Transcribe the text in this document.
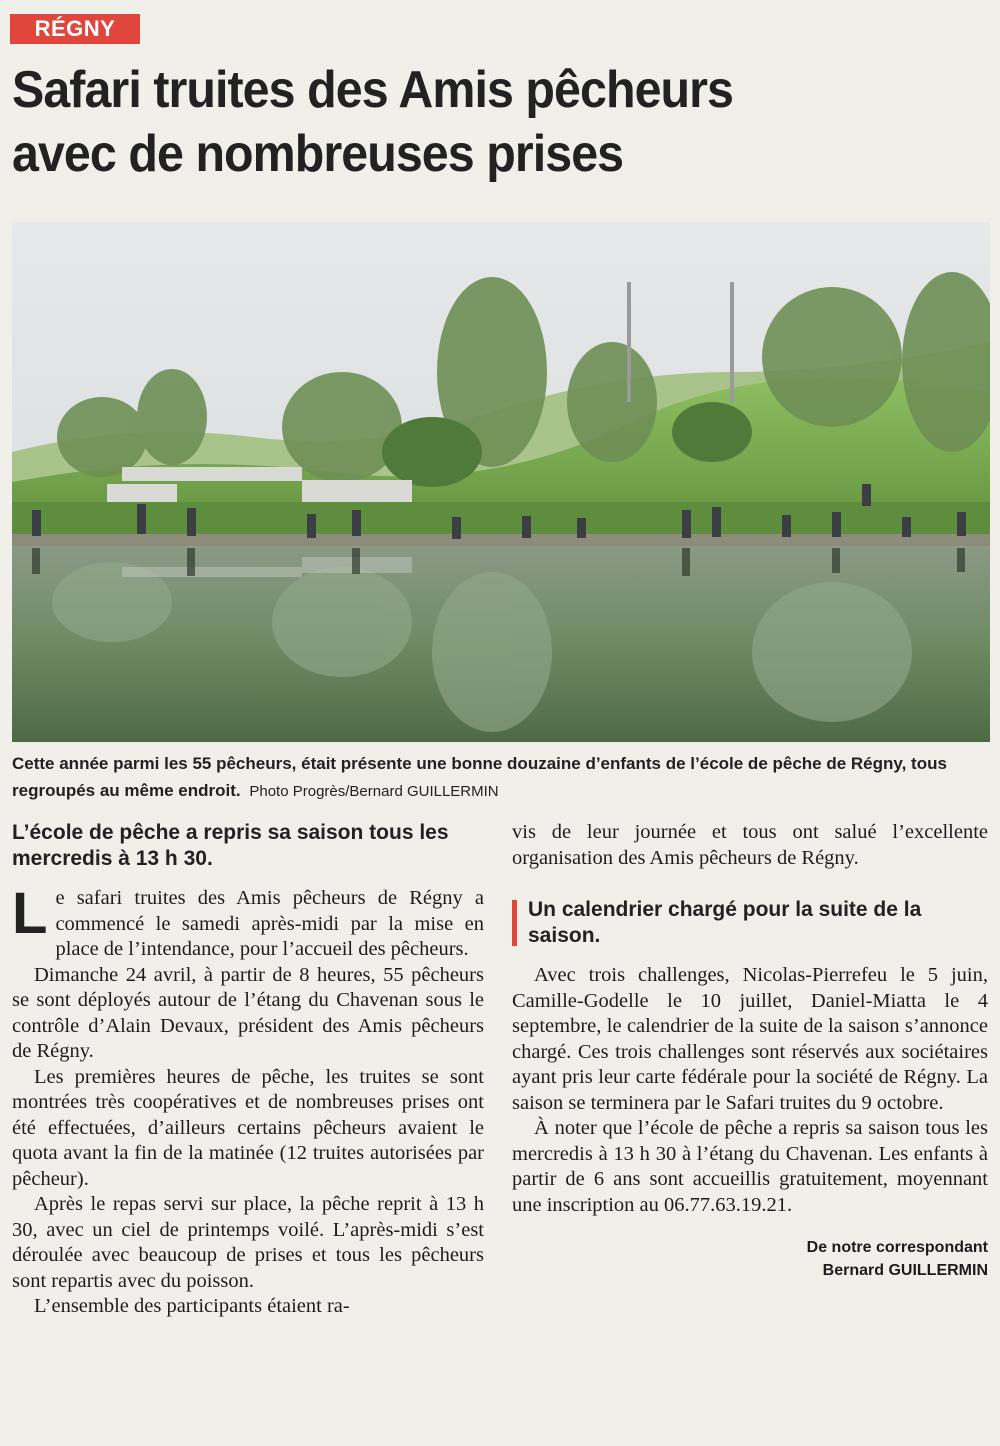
RÉGNY
Safari truites des Amis pêcheurs
avec de nombreuses prises
Cette année parmi les 55 pêcheurs, était présente une bonne douzaine d’enfants de l’école de pêche de Régny, tous regroupés au même endroit. Photo Progrès/Bernard GUILLERMIN
L’école de pêche a repris sa saison tous les mercredis à 13 h 30.

Le safari truites des Amis pêcheurs de Régny a commencé le samedi après-midi par la mise en place de l’intendance, pour l’accueil des pêcheurs.

Dimanche 24 avril, à partir de 8 heures, 55 pêcheurs se sont déployés autour de l’étang du Chavenan sous le contrôle d’Alain Devaux, président des Amis pêcheurs de Régny.

Les premières heures de pêche, les truites se sont montrées très coopératives et de nombreuses prises ont été effectuées, d’ailleurs certains pêcheurs avaient le quota avant la fin de la matinée (12 truites autorisées par pêcheur).

Après le repas servi sur place, la pêche reprit à 13 h 30, avec un ciel de printemps voilé. L’après-midi s’est déroulée avec beaucoup de prises et tous les pêcheurs sont repartis avec du poisson.

L’ensemble des participants étaient ra-

vis de leur journée et tous ont salué l’excellente organisation des Amis pêcheurs de Régny.

Un calendrier chargé pour la suite de la saison.

Avec trois challenges, Nicolas-Pierrefeu le 5 juin, Camille-Godelle le 10 juillet, Daniel-Miatta le 4 septembre, le calendrier de la suite de la saison s’annonce chargé. Ces trois challenges sont réservés aux sociétaires ayant pris leur carte fédérale pour la société de Régny. La saison se terminera par le Safari truites du 9 octobre.

À noter que l’école de pêche a repris sa saison tous les mercredis à 13 h 30 à l’étang du Chavenan. Les enfants à partir de 6 ans sont accueillis gratuitement, moyennant une inscription au 06.77.63.19.21.

De notre correspondant
Bernard GUILLERMIN
